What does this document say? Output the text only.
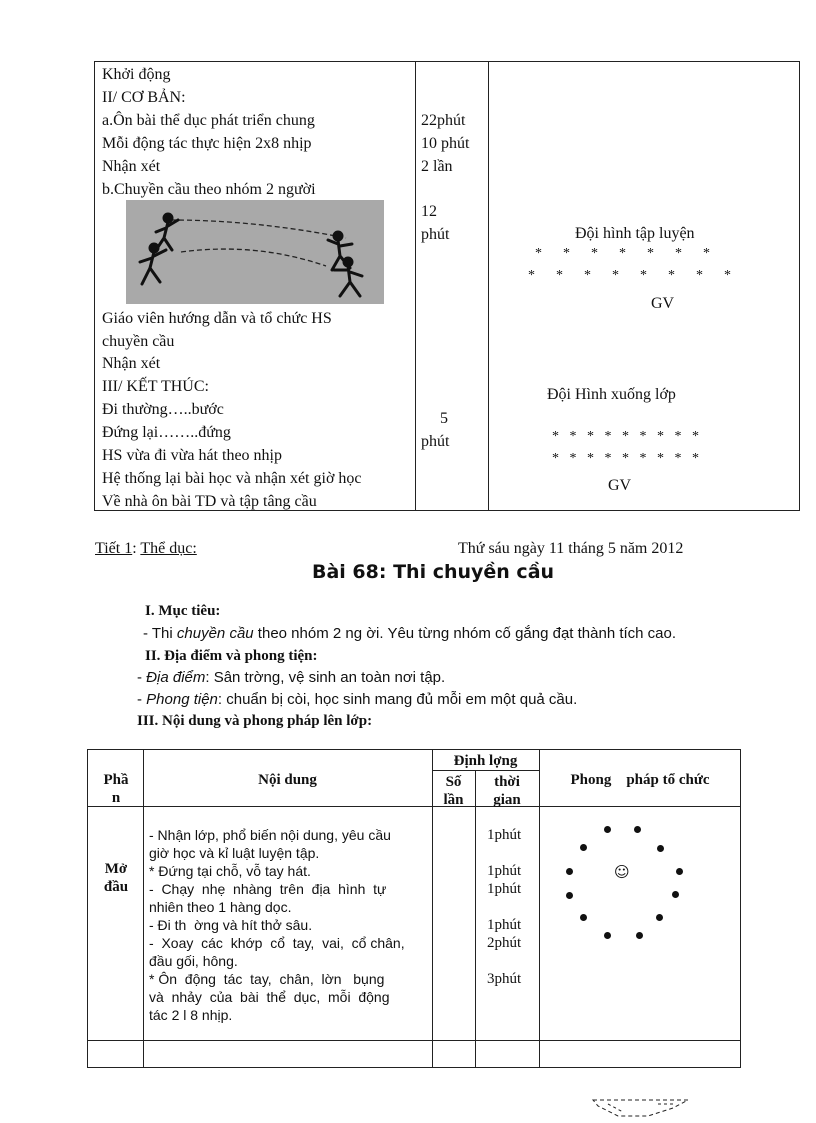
Khởi động
II/ CƠ BẢN:
a.Ôn bài thể dục phát triển chung
Mỗi động tác thực hiện 2x8 nhịp
Nhận xét
b.Chuyền cầu theo nhóm 2 người
Giáo viên hướng dẫn và tổ chức HS
chuyền cầu
Nhận xét
III/ KẾT THÚC:
Đi thường…..bước
Đứng lại……..đứng
HS vừa đi vừa hát theo nhịp
Hệ thống lại bài học và nhận xét giờ học
Về nhà ôn bài TD và tập tâng cầu
22phút
10 phút
2 lần
12
phút
5
phút
Đội hình tập luyện
*      *      *      *      *      *      *
*      *      *      *      *      *      *      *
GV
Đội Hình xuống lớp
*   *   *   *   *   *   *   *   *
*   *   *   *   *   *   *   *   *
GV
Tiết 1: Thể dục:	Thứ sáu ngày 11 tháng 5 năm 2012
Bài 68: Thi chuyền cầu
I. Mục tiêu:
- Thi chuyền cầu theo nhóm 2 ng ời. Yêu từng nhóm cố gắng đạt thành tích cao.
II. Địa điểm và phong tiện:
- Địa điểm: Sân trờng, vệ sinh an toàn nơi tập.
- Phong tiện: chuẩn bị còi, học sinh mang đủ mỗi em một quả cầu.
III. Nội dung và phong pháp lên lớp:
Phầ
n
Nội dung
Định lợng
Số
lần
thời
gian
Phong    pháp tổ chức
Mở
đầu
- Nhận lớp, phổ biến nội dung, yêu cầu
giờ học và kỉ luật luyện tập.
* Đứng tại chỗ, vỗ tay hát.
-  Chạy  nhẹ  nhàng  trên  địa  hình  tự
nhiên theo 1 hàng dọc.
- Đi th  ờng và hít thở sâu.
-  Xoay  các  khớp  cổ  tay,  vai,  cổ chân,
đầu gối, hông.
* Ôn  động  tác  tay,  chân,  lờn   bụng
và  nhảy  của  bài  thể  dục,  mỗi  động
tác 2 l 8 nhịp.
1phút
1phút
1phút
1phút
2phút
3phút
☺
